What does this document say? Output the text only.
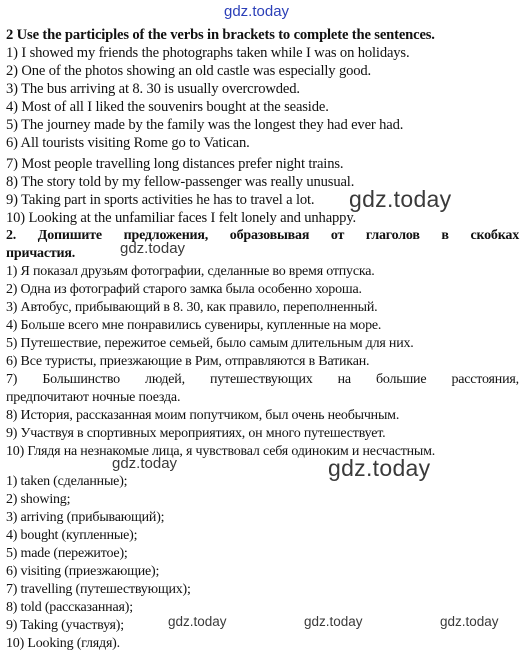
gdz.today
2 Use the participles of the verbs in brackets to complete the sentences.
1) I showed my friends the photographs taken while I was on holidays.
2) One of the photos showing an old castle was especially good.
3) The bus arriving at 8. 30 is usually overcrowded.
4) Most of all I liked the souvenirs bought at the seaside.
5) The journey made by the family was the longest they had ever had.
6) All tourists visiting Rome go to Vatican.
7) Most people travelling long distances prefer night trains.
8) The story told by my fellow-passenger was really unusual.
9) Taking part in sports activities he has to travel a lot.
10) Looking at the unfamiliar faces I felt lonely and unhappy.
gdz.today
2. Допишите предложения, образовывая от глаголов в скобках
причастия.	gdz.today
1) Я показал друзьям фотографии, сделанные во время отпуска.
2) Одна из фотографий старого замка была особенно хороша.
3) Автобус, прибывающий в 8. 30, как правило, переполненный.
4) Больше всего мне понравились сувениры, купленные на море.
5) Путешествие, пережитое семьей, было самым длительным для них.
6) Все туристы, приезжающие в Рим, отправляются в Ватикан.
7) Большинство людей, путешествующих на большие расстояния,
предпочитают ночные поезда.
8) История, рассказанная моим попутчиком, был очень необычным.
9) Участвуя в спортивных мероприятиях, он много путешествует.
10) Глядя на незнакомые лица, я чувствовал себя одиноким и несчастным.
gdz.today	gdz.today
1) taken (сделанные);
2) showing;
3) arriving (прибывающий);
4) bought (купленные);
5) made (пережитое);
6) visiting (приезжающие);
7) travelling (путешествующих);
8) told (рассказанная);
9) Taking (участвуя);
10) Looking (глядя).
gdz.today	gdz.today	gdz.today
